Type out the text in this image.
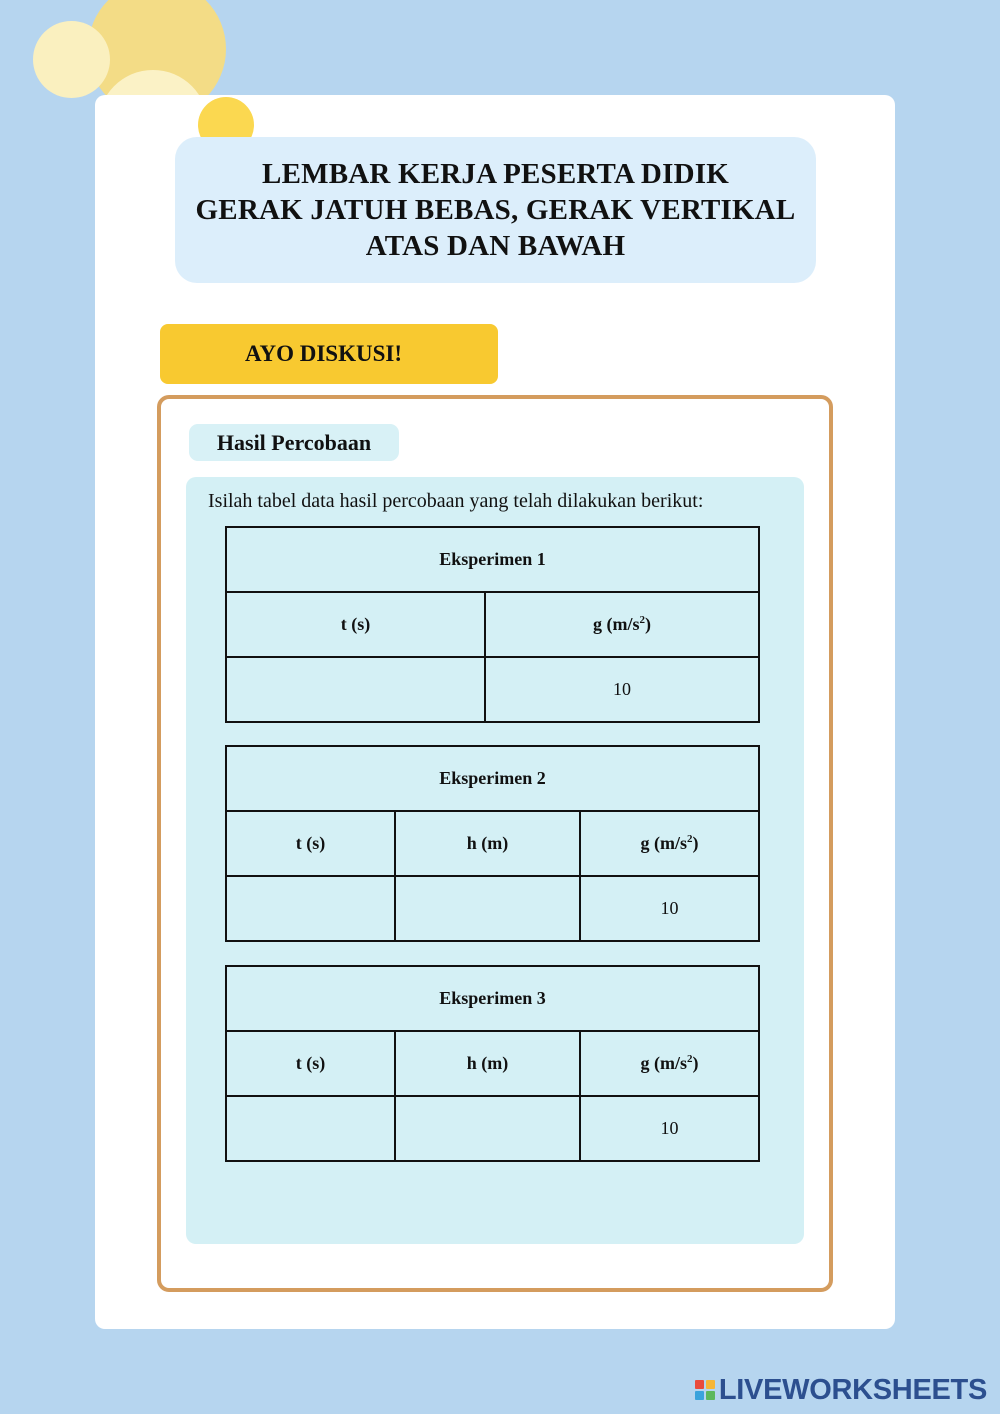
LEMBAR KERJA PESERTA DIDIK
GERAK JATUH BEBAS, GERAK VERTIKAL
ATAS DAN BAWAH
AYO DISKUSI!
Hasil Percobaan
Isilah tabel data hasil percobaan yang telah dilakukan berikut:
Eksperimen 1	
t (s)	g $(m/s^2)$
	10
Eksperimen 2		
t (s)	h (m)	g $(m/s^2)$
		10
Eksperimen 3		
t (s)	h (m)	g $(m/s^2)$
		10
LIVEWORKSHEETS
